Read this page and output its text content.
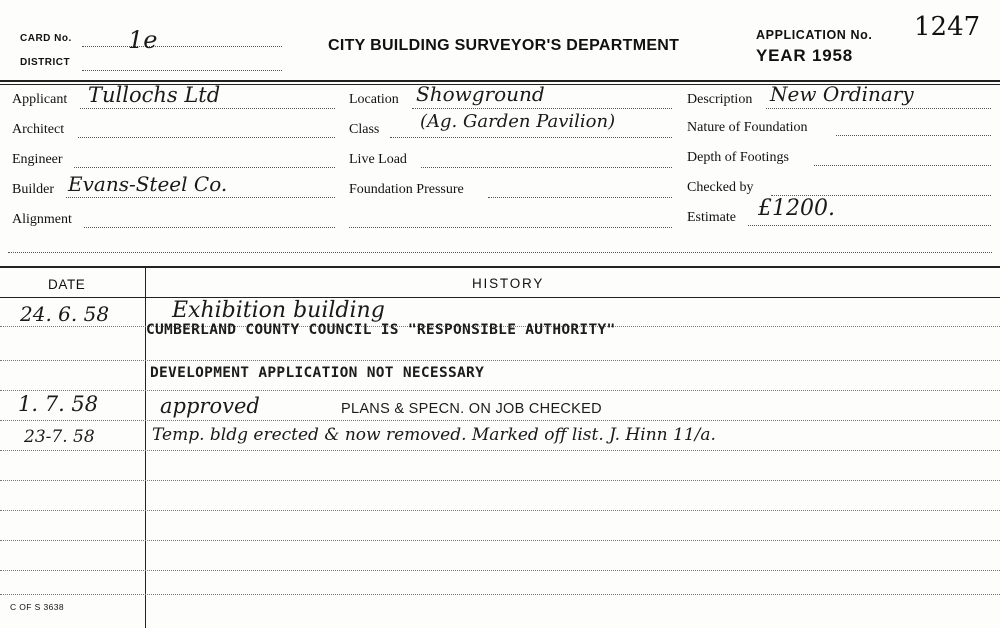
CARD No. 1e
DISTRICT
CITY BUILDING SURVEYOR'S DEPARTMENT
APPLICATION No. 1247
YEAR 1958
Applicant Tullochs Ltd
Architect
Engineer
Builder Evans-Steel Co.
Alignment
Location Showground
Class (Ag. Garden Pavilion)
Live Load
Foundation Pressure
Description New Ordinary
Nature of Foundation
Depth of Footings
Checked by
Estimate £1200.
DATE	HISTORY
24. 6. 58	Exhibition building
CUMBERLAND COUNTY COUNCIL IS "RESPONSIBLE AUTHORITY"
DEVELOPMENT APPLICATION NOT NECESSARY
1. 7. 58	approved	PLANS & SPECN. ON JOB CHECKED
23-7. 58	Temp. bldg erected & now removed. Marked off list. J. Hinn 11/a.
C OF S 3638
